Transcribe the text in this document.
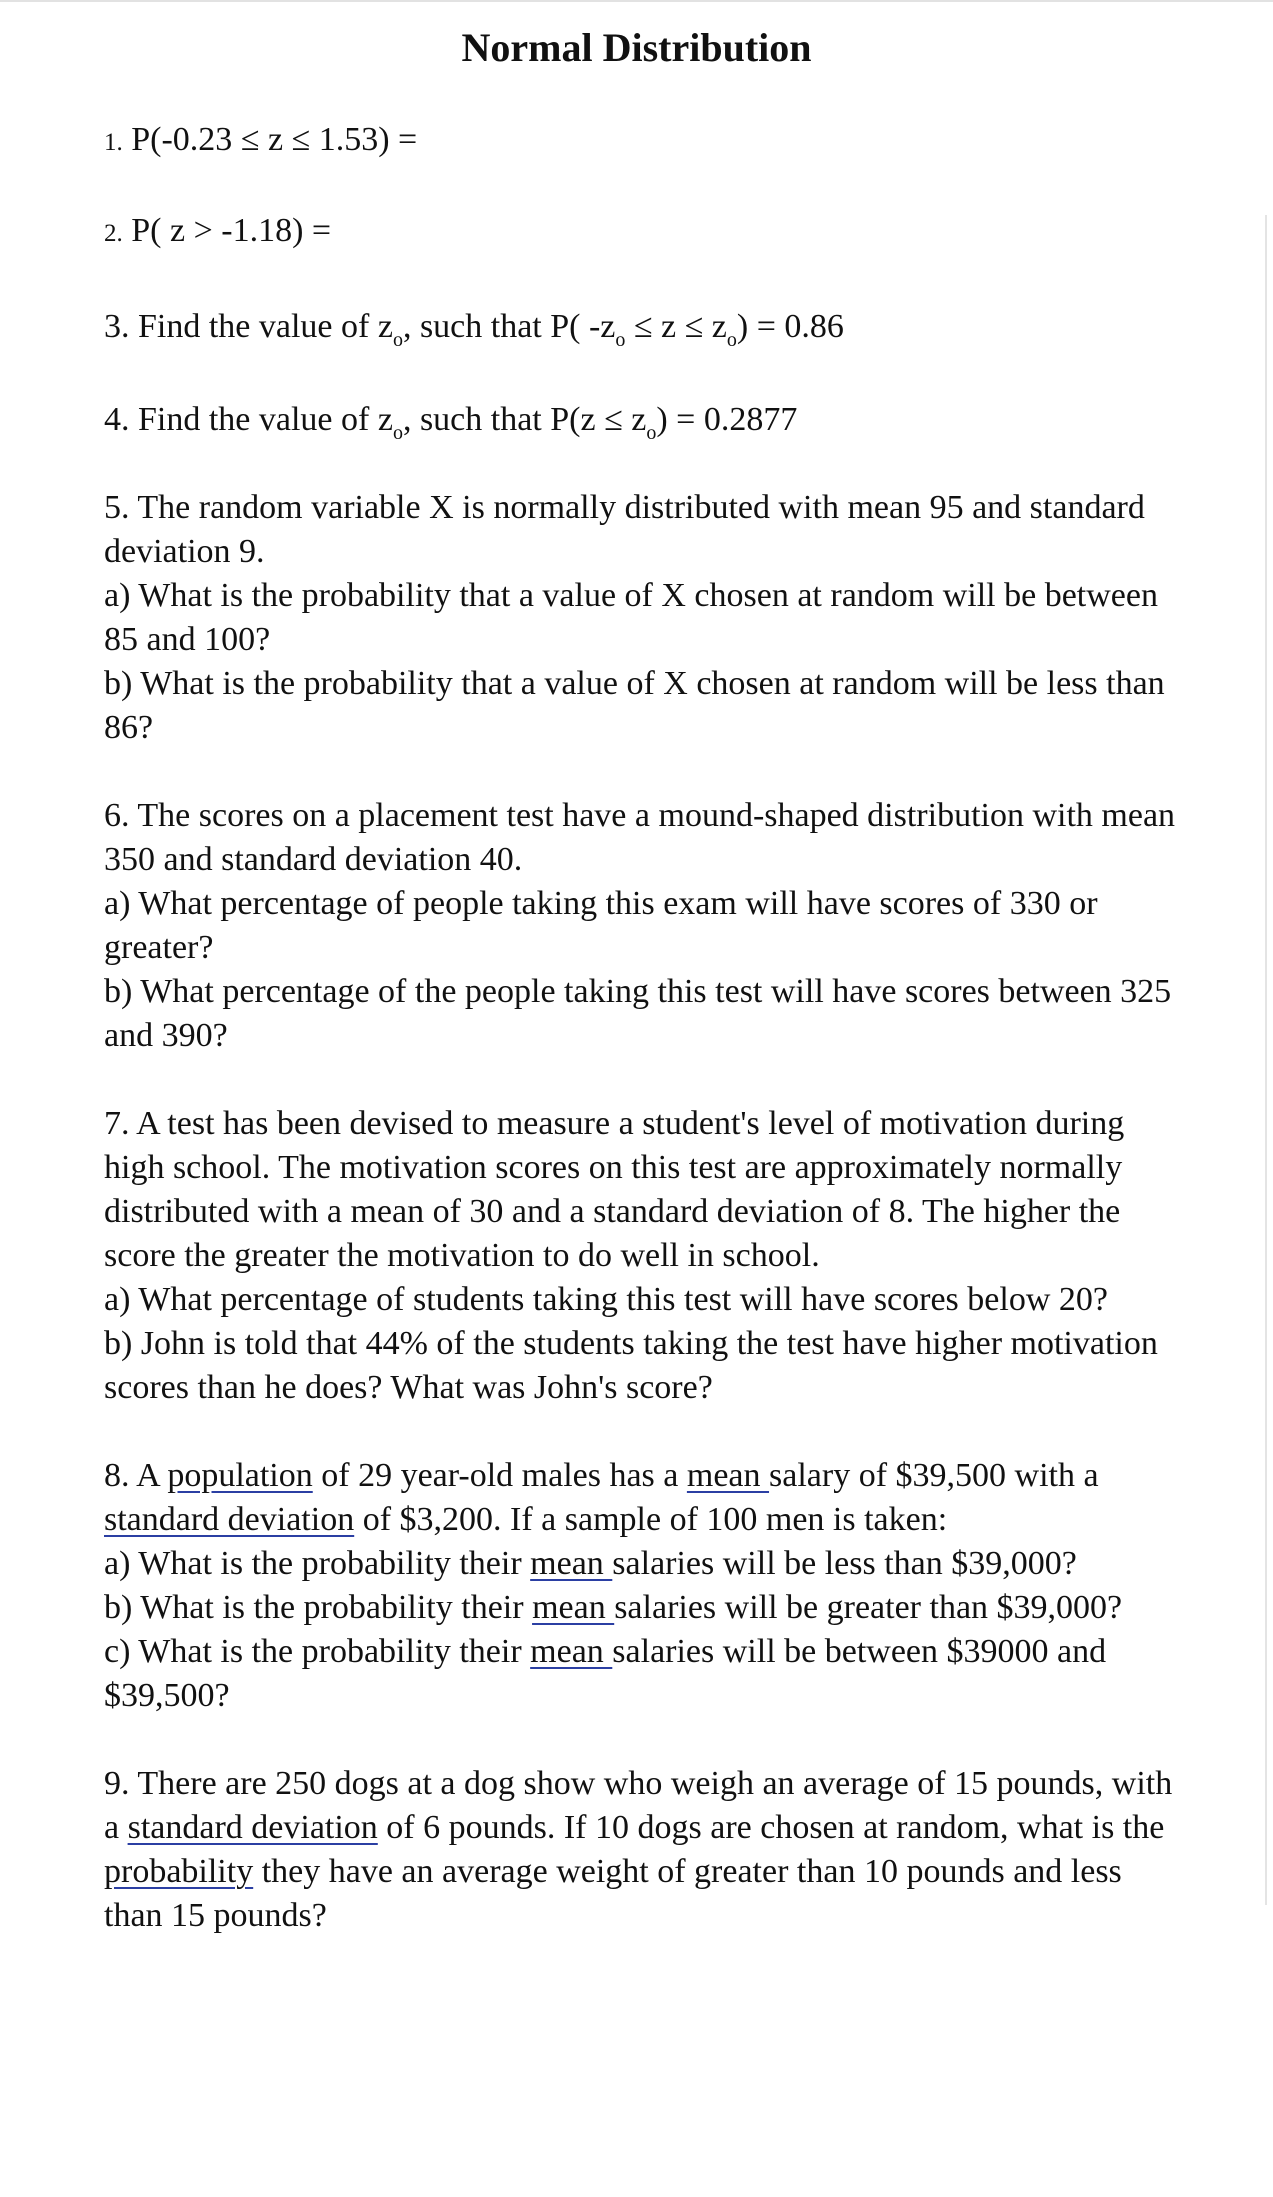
Normal Distribution

1. P(-0.23 ≤ z ≤ 1.53) =

2. P( z > -1.18) =

3. Find the value of $z_o$, such that P( $-z_o \le z \le z_o) = 0.86$

4. Find the value of $z_o$, such that $P(z \le z_o) = 0.2877$

5. The random variable X is normally distributed with mean 95 and standard deviation 9.
a) What is the probability that a value of X chosen at random will be between 85 and 100?
b) What is the probability that a value of X chosen at random will be less than 86?
6. The scores on a placement test have a mound-shaped distribution with mean 350 and standard deviation 40.
a) What percentage of people taking this exam will have scores of 330 or greater?
b) What percentage of the people taking this test will have scores between 325 and 390?
7. A test has been devised to measure a student's level of motivation during high school. The motivation scores on this test are approximately normally distributed with a mean of 30 and a standard deviation of 8. The higher the score the greater the motivation to do well in school.
a) What percentage of students taking this test will have scores below 20?
b) John is told that 44% of the students taking the test have higher motivation scores than he does? What was John's score?
8. A population of 29 year-old males has a mean salary of $39,500 with a standard deviation of $3,200. If a sample of 100 men is taken:
a) What is the probability their mean salaries will be less than $39,000?
b) What is the probability their mean salaries will be greater than $39,000?
c) What is the probability their mean salaries will be between $39000 and $39,500?
9. There are 250 dogs at a dog show who weigh an average of 15 pounds, with a standard deviation of 6 pounds. If 10 dogs are chosen at random, what is the probability they have an average weight of greater than 10 pounds and less than 15 pounds?
